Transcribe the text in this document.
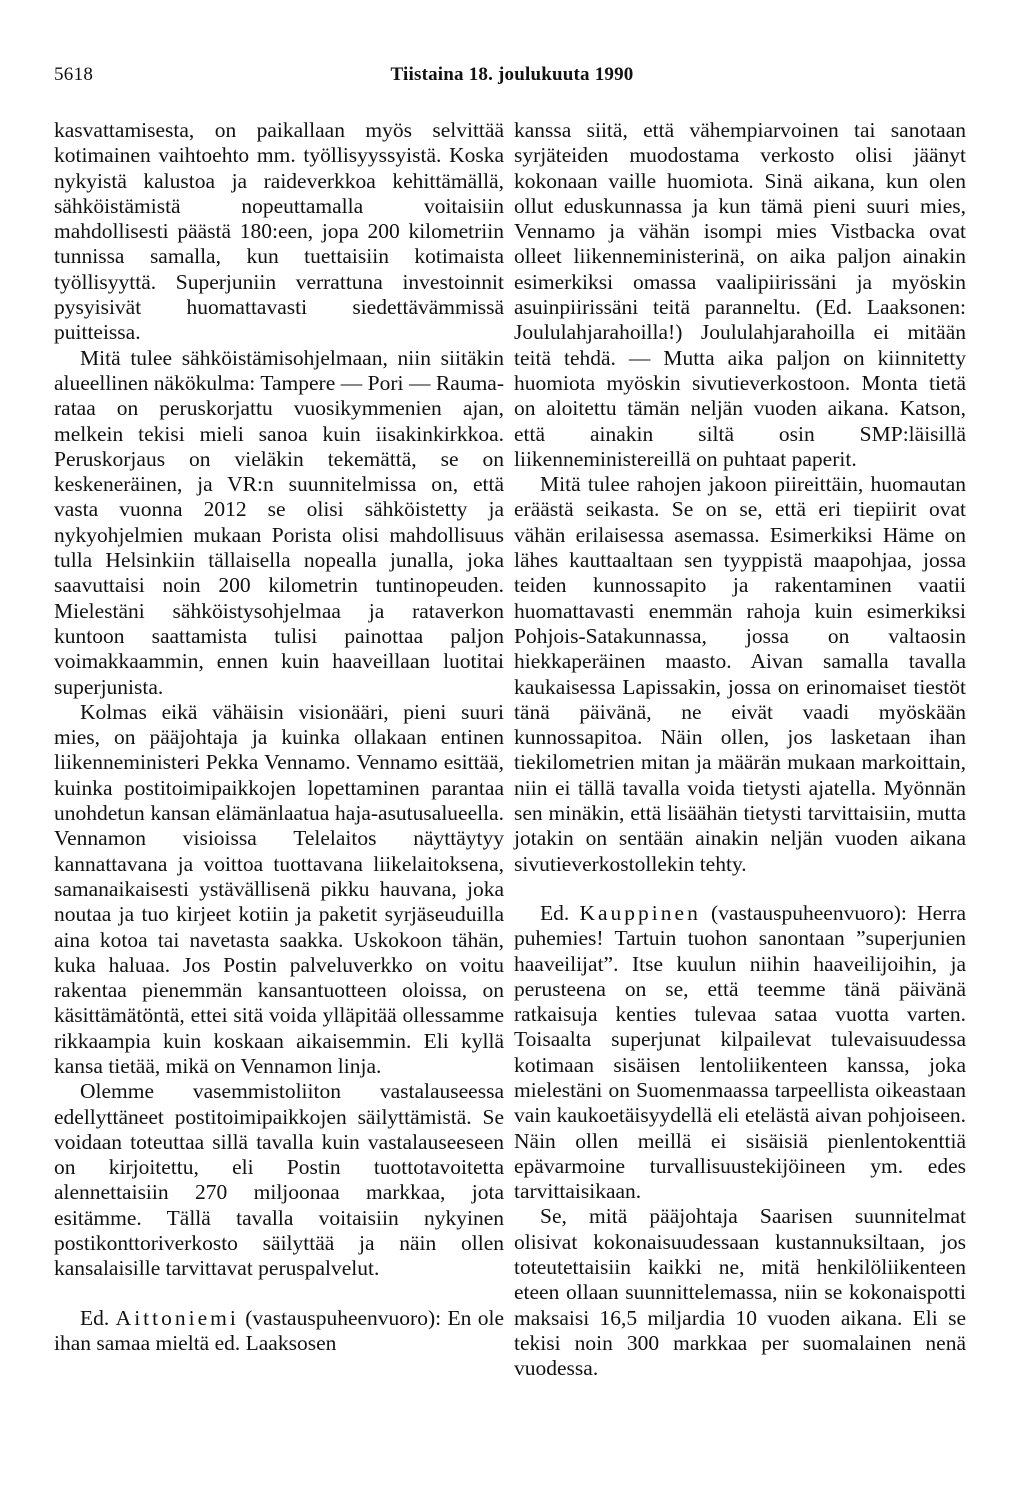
5618	Tiistaina 18. joulukuuta 1990

kasvattamisesta, on paikallaan myös selvittää kotimainen vaihtoehto mm. työllisyyssyistä. Koska nykyistä kalustoa ja raideverkkoa kehittämällä, sähköistämistä nopeuttamalla voitaisiin mahdollisesti päästä 180:een, jopa 200 kilometriin tunnissa samalla, kun tuettaisiin kotimaista työllisyyttä. Superjuniin verrattuna investoinnit pysyisivät huomattavasti siedettävämmissä puitteissa.

Mitä tulee sähköistämisohjelmaan, niin siitäkin alueellinen näkökulma: Tampere — Pori — Rauma-rataa on peruskorjattu vuosikymmenien ajan, melkein tekisi mieli sanoa kuin iisakinkirkkoa. Peruskorjaus on vieläkin tekemättä, se on keskeneräinen, ja VR:n suunnitelmissa on, että vasta vuonna 2012 se olisi sähköistetty ja nykyohjelmien mukaan Porista olisi mahdollisuus tulla Helsinkiin tällaisella nopealla junalla, joka saavuttaisi noin 200 kilometrin tuntinopeuden. Mielestäni sähköistysohjelmaa ja rataverkon kuntoon saattamista tulisi painottaa paljon voimakkaammin, ennen kuin haaveillaan luotitai superjunista.

Kolmas eikä vähäisin visionääri, pieni suuri mies, on pääjohtaja ja kuinka ollakaan entinen liikenneministeri Pekka Vennamo. Vennamo esittää, kuinka postitoimipaikkojen lopettaminen parantaa unohdetun kansan elämänlaatua haja-asutusalueella. Vennamon visioissa Telelaitos näyttäytyy kannattavana ja voittoa tuottavana liikelaitoksena, samanaikaisesti ystävällisenä pikku hauvana, joka noutaa ja tuo kirjeet kotiin ja paketit syrjäseuduilla aina kotoa tai navetasta saakka. Uskokoon tähän, kuka haluaa. Jos Postin palveluverkko on voitu rakentaa pienemmän kansantuotteen oloissa, on käsittämätöntä, ettei sitä voida ylläpitää ollessamme rikkaampia kuin koskaan aikaisemmin. Eli kyllä kansa tietää, mikä on Vennamon linja.

Olemme vasemmistoliiton vastalauseessa edellyttäneet postitoimipaikkojen säilyttämistä. Se voidaan toteuttaa sillä tavalla kuin vastalauseeseen on kirjoitettu, eli Postin tuottotavoitetta alennettaisiin 270 miljoonaa markkaa, jota esitämme. Tällä tavalla voitaisiin nykyinen postikonttoriverkosto säilyttää ja näin ollen kansalaisille tarvittavat peruspalvelut.

Ed. Aittoniemi (vastauspuheenvuoro): En ole ihan samaa mieltä ed. Laaksosen

kanssa siitä, että vähempiarvoinen tai sanotaan syrjäteiden muodostama verkosto olisi jäänyt kokonaan vaille huomiota. Sinä aikana, kun olen ollut eduskunnassa ja kun tämä pieni suuri mies, Vennamo ja vähän isompi mies Vistbacka ovat olleet liikenneministerinä, on aika paljon ainakin esimerkiksi omassa vaalipiirissäni ja myöskin asuinpiirissäni teitä paranneltu. (Ed. Laaksonen: Joululahjarahoilla!) Joululahjarahoilla ei mitään teitä tehdä. — Mutta aika paljon on kiinnitetty huomiota myöskin sivutieverkostoon. Monta tietä on aloitettu tämän neljän vuoden aikana. Katson, että ainakin siltä osin SMP:läisillä liikenneministereillä on puhtaat paperit.

Mitä tulee rahojen jakoon piireittäin, huomautan eräästä seikasta. Se on se, että eri tiepiirit ovat vähän erilaisessa asemassa. Esimerkiksi Häme on lähes kauttaaltaan sen tyyppistä maapohjaa, jossa teiden kunnossapito ja rakentaminen vaatii huomattavasti enemmän rahoja kuin esimerkiksi Pohjois-Satakunnassa, jossa on valtaosin hiekkaperäinen maasto. Aivan samalla tavalla kaukaisessa Lapissakin, jossa on erinomaiset tiestöt tänä päivänä, ne eivät vaadi myöskään kunnossapitoa. Näin ollen, jos lasketaan ihan tiekilometrien mitan ja määrän mukaan markoittain, niin ei tällä tavalla voida tietysti ajatella. Myönnän sen minäkin, että lisäähän tietysti tarvittaisiin, mutta jotakin on sentään ainakin neljän vuoden aikana sivutieverkostollekin tehty.

Ed. Kauppinen (vastauspuheenvuoro): Herra puhemies! Tartuin tuohon sanontaan ”superjunien haaveilijat”. Itse kuulun niihin haaveilijoihin, ja perusteena on se, että teemme tänä päivänä ratkaisuja kenties tulevaa sataa vuotta varten. Toisaalta superjunat kilpailevat tulevaisuudessa kotimaan sisäisen lentoliikenteen kanssa, joka mielestäni on Suomenmaassa tarpeellista oikeastaan vain kaukoetäisyydellä eli etelästä aivan pohjoiseen. Näin ollen meillä ei sisäisiä pienlentokenttiä epävarmoine turvallisuustekijöineen ym. edes tarvittaisikaan.

Se, mitä pääjohtaja Saarisen suunnitelmat olisivat kokonaisuudessaan kustannuksiltaan, jos toteutettaisiin kaikki ne, mitä henkilöliikenteen eteen ollaan suunnittelemassa, niin se kokonaispotti maksaisi 16,5 miljardia 10 vuoden aikana. Eli se tekisi noin 300 markkaa per suomalainen nenä vuodessa.
